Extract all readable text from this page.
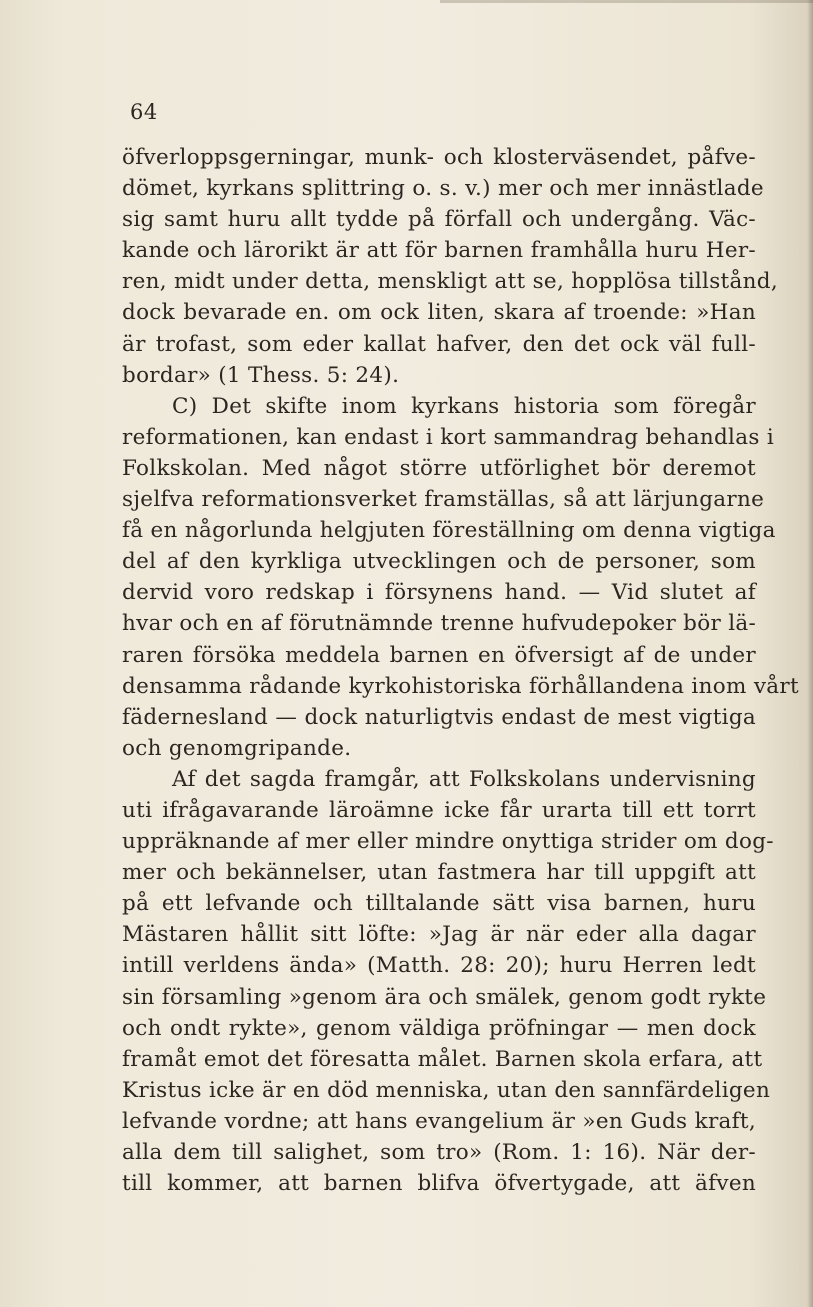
64
öfverloppsgerningar, munk- och klosterväsendet, påfve-
dömet, kyrkans splittring o. s. v.) mer och mer innästlade
sig samt huru allt tydde på förfall och undergång. Väc-
kande och lärorikt är att för barnen framhålla huru Her-
ren, midt under detta, menskligt att se, hopplösa tillstånd,
dock bevarade en. om ock liten, skara af troende: »Han
är trofast, som eder kallat hafver, den det ock väl full-
bordar» (1 Thess. 5: 24).
C) Det skifte inom kyrkans historia som föregår
reformationen, kan endast i kort sammandrag behandlas i
Folkskolan. Med något större utförlighet bör deremot
sjelfva reformationsverket framställas, så att lärjungarne
få en någorlunda helgjuten föreställning om denna vigtiga
del af den kyrkliga utvecklingen och de personer, som
dervid voro redskap i försynens hand. — Vid slutet af
hvar och en af förutnämnde trenne hufvudepoker bör lä-
raren försöka meddela barnen en öfversigt af de under
densamma rådande kyrkohistoriska förhållandena inom vårt
fäderneslаnd — dock naturligtvis endast de mest vigtiga
och genomgripande.
Af det sagda framgår, att Folkskolans undervisning
uti ifrågavarande läroämne icke får urarta till ett torrt
uppräknande af mer eller mindre onyttiga strider om dog-
mer och bekännelser, utan fastmera har till uppgift att
på ett lefvande och tilltalande sätt visa barnen, huru
Mästaren hållit sitt löfte: »Jag är när eder alla dagar
intill verldens ända» (Matth. 28: 20); huru Herren ledt
sin församling »genom ära och smälek, genom godt rykte
och ondt rykte», genom väldiga pröfningar — men dock
framåt emot det föresatta målet. Barnen skola erfara, att
Kristus icke är en död menniska, utan den sannfärdeligen
lefvande vordne; att hans evangelium är »en Guds kraft,
alla dem till salighet, som tro» (Rom. 1: 16). När der-
till kommer, att barnen blifva öfvertygade, att äfven
